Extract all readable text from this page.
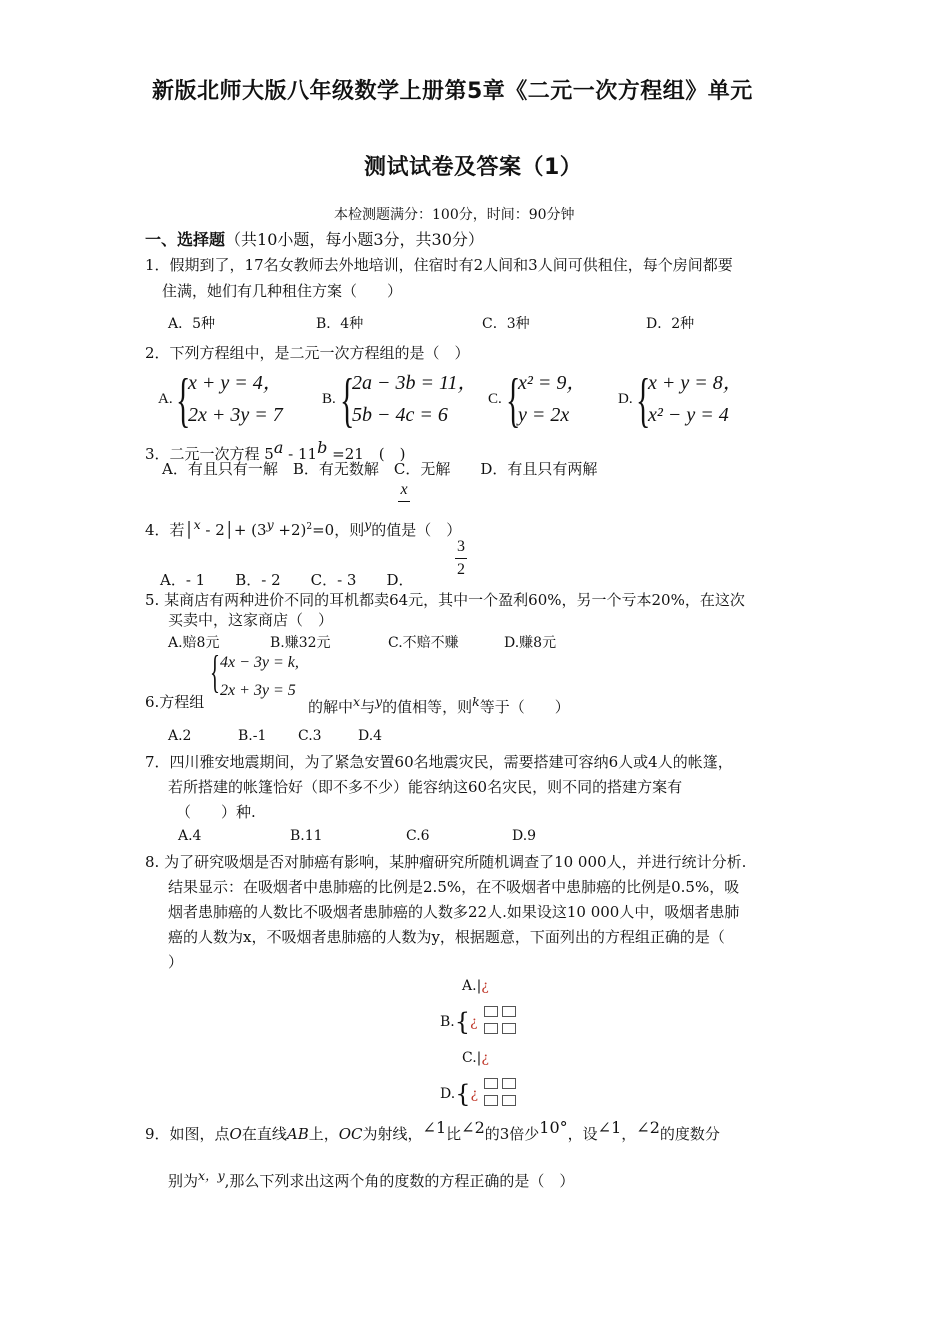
新版北师大版八年级数学上册第5章《二元一次方程组》单元
测试试卷及答案（1）
本检测题满分：100分，时间：90分钟
一、选择题（共10小题，每小题3分，共30分）
1．假期到了，17名女教师去外地培训，住宿时有2人间和3人间可供租住，每个房间都要
住满，她们有几种租住方案（　　）
A．5种	B．4种	C．3种	D．2种
2．下列方程组中，是二元一次方程组的是（　）
A. {
x + y = 4，
2x + 3y = 7
B. {
2a − 3b = 11，
5b − 4c = 6
C. {
x² = 9，
y = 2x
D. {
x + y = 8，
x² − y = 4
3．二元一次方程 $5^a - 11^b =21$　(　)
A．有且只有一解　B．有无数解　C．无解　　D．有且只有两解
x
4．若│$^x$ - 2│+ $(3^y +2)^2=0$，则$^y$的值是（　）
3
2
A．- 1　　B．- 2　　C．- 3　　D．
5. 某商店有两种进价不同的耳机都卖64元，其中一个盈利60%，另一个亏本20%，在这次
买卖中，这家商店（　）
A.赔8元	B.赚32元	C.不赔不赚	D.赚8元
{ 4x − 3y = k,
2x + 3y = 5
6.方程组	的解中$^x$与$^y$的值相等，则$^k$等于（　　）
A.2	B.-1 C.3	D.4
7．四川雅安地震期间，为了紧急安置60名地震灾民，需要搭建可容纳6人或4人的帐篷，
若所搭建的帐篷恰好（即不多不少）能容纳这60名灾民，则不同的搭建方案有
（　　）种.
A.4	B.11	C.6	D.9
8. 为了研究吸烟是否对肺癌有影响，某肿瘤研究所随机调查了10 000人，并进行统计分析.
结果显示：在吸烟者中患肺癌的比例是2.5%，在不吸烟者中患肺癌的比例是0.5%，吸
烟者患肺癌的人数比不吸烟者患肺癌的人数多22人.如果设这10 000人中，吸烟者患肺
癌的人数为x，不吸烟者患肺癌的人数为y，根据题意，下面列出的方程组正确的是（
）
A.|¿
B.{¿

C.|¿
D.{¿

9．如图，点O在直线AB上，OC为射线，$^{\angle 1}$比$^{\angle 2}$的3倍少$^{10^\circ}$，设$^{\angle 1}$，$^{\angle 2}$的度数分
别为$^{x,y}$,那么下列求出这两个角的度数的方程正确的是（　）
